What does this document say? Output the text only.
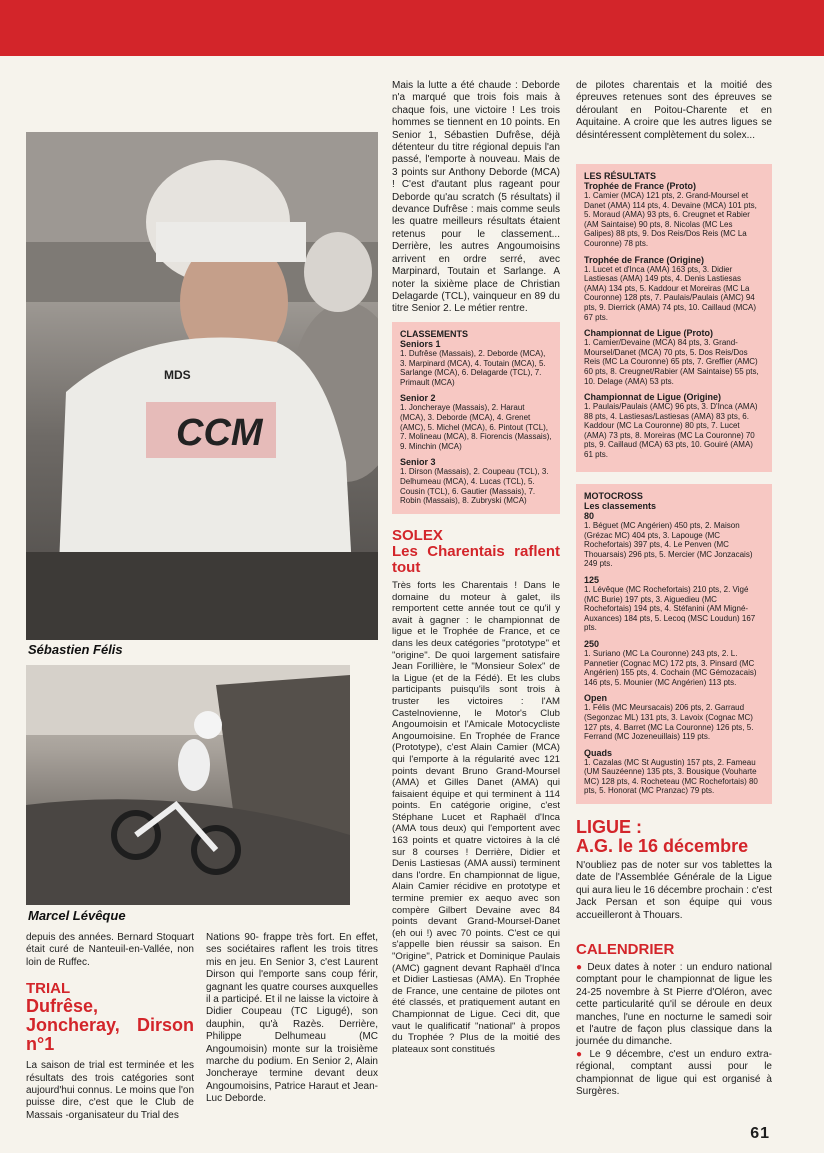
CCM
MDS
Sébastien Félis
Marcel Lévêque

depuis des années. Bernard Stoquart était curé de Nanteuil-en-Vallée, non loin de Ruffec.

TRIAL
Dufrêse, Joncheray, Dirson n°1

La saison de trial est terminée et les résultats des trois catégories sont aujourd'hui connus. Le moins que l'on puisse dire, c'est que le Club de Massais -organisateur du Trial des

Nations 90- frappe très fort. En effet, ses sociétaires raflent les trois titres mis en jeu. En Senior 3, c'est Laurent Dirson qui l'emporte sans coup férir, gagnant les quatre courses auxquelles il a participé. Et il ne laisse la victoire à Didier Coupeau (TC Ligugé), son dauphin, qu'à Razès. Derrière, Philippe Delhumeau (MC Angoumoisin) monte sur la troisième marche du podium. En Senior 2, Alain Joncheraye termine devant deux Angoumoisins, Patrice Haraut et Jean-Luc Deborde.

Mais la lutte a été chaude : Deborde n'a marqué que trois fois mais à chaque fois, une victoire ! Les trois hommes se tiennent en 10 points. En Senior 1, Sébastien Dufrêse, déjà détenteur du titre régional depuis l'an passé, l'emporte à nouveau. Mais de 3 points sur Anthony Deborde (MCA) ! C'est d'autant plus rageant pour Deborde qu'au scratch (5 résultats) il devance Dufrêse : mais comme seuls les quatre meilleurs résultats étaient retenus pour le classement... Derrière, les autres Angoumoisins arrivent en ordre serré, avec Marpinard, Toutain et Sarlange. A noter la sixième place de Christian Delagarde (TCL), vainqueur en 89 du titre Senior 2. Le métier rentre.

CLASSEMENTS
Seniors 1

1. Dufrêse (Massais), 2. Deborde (MCA), 3. Marpinard (MCA), 4. Toutain (MCA), 5. Sarlange (MCA), 6. Delagarde (TCL), 7. Primault (MCA)

Senior 2

1. Joncheraye (Massais), 2. Haraut (MCA), 3. Deborde (MCA), 4. Grenet (AMC), 5. Michel (MCA), 6. Pintout (TCL), 7. Molineau (MCA), 8. Fiorencis (Massais), 9. Minchin (MCA)

Senior 3

1. Dirson (Massais), 2. Coupeau (TCL), 3. Delhumeau (MCA), 4. Lucas (TCL), 5. Cousin (TCL), 6. Gautier (Massais), 7. Robin (Massais), 8. Zubryski (MCA)

SOLEX
Les Charentais raflent tout

Très forts les Charentais ! Dans le domaine du moteur à galet, ils remportent cette année tout ce qu'il y avait à gagner : le championnat de ligue et le Trophée de France, et ce dans les deux catégories "prototype" et "origine". De quoi largement satisfaire Jean Forillière, le "Monsieur Solex" de la Ligue (et de la Fédé). Et les clubs participants puisqu'ils sont trois à truster les victoires : l'AM Castelnovienne, le Motor's Club Angoumoisin et l'Amicale Motocycliste Angoumoisine. En Trophée de France (Prototype), c'est Alain Camier (MCA) qui l'emporte à la régularité avec 121 points devant Bruno Grand-Moursel (AMA) et Gilles Danet (AMA) qui faisaient équipe et qui terminent à 114 points. En catégorie origine, c'est Stéphane Lucet et Raphaël d'Inca (AMA tous deux) qui l'emportent avec 163 points et quatre victoires à la clé sur 8 courses ! Derrière, Didier et Denis Lastiesas (AMA aussi) terminent dans l'ordre. En championnat de ligue, Alain Camier récidive en prototype et termine premier ex aequo avec son compère Gilbert Devaine avec 84 points devant Grand-Moursel-Danet (eh oui !) avec 70 points. C'est ce qui s'appelle bien réussir sa saison. En "Origine", Patrick et Dominique Paulais (AMC) gagnent devant Raphaël d'Inca et Didier Lastiesas (AMA). En Trophée de France, une centaine de pilotes ont été classés, et pratiquement autant en Championnat de Ligue. Ceci dit, que vaut le qualificatif "national" à propos du Trophée ? Plus de la moitié des plateaux sont constitués

de pilotes charentais et la moitié des épreuves retenues sont des épreuves se déroulant en Poitou-Charente et en Aquitaine. A croire que les autres ligues se désintéressent complètement du solex...

LES RÉSULTATS
Trophée de France (Proto)

1. Camier (MCA) 121 pts, 2. Grand-Moursel et Danet (AMA) 114 pts, 4. Devaine (MCA) 101 pts, 5. Moraud (AMA) 93 pts, 6. Creugnet et Rabier (AM Saintaise) 90 pts, 8. Nicolas (MC Les Galipes) 88 pts, 9. Dos Reis/Dos Reis (MC La Couronne) 78 pts.

Trophée de France (Origine)

1. Lucet et d'Inca (AMA) 163 pts, 3. Didier Lastiesas (AMA) 149 pts, 4. Denis Lastiesas (AMA) 134 pts, 5. Kaddour et Moreiras (MC La Couronne) 128 pts, 7. Paulais/Paulais (AMC) 94 pts, 9. Dierrick (AMA) 74 pts, 10. Caillaud (MCA) 67 pts.

Championnat de Ligue (Proto)

1. Camier/Devaine (MCA) 84 pts, 3. Grand-Moursel/Danet (MCA) 70 pts, 5. Dos Reis/Dos Reis (MC La Couronne) 65 pts, 7. Greffier (AMC) 60 pts, 8. Creugnet/Rabier (AM Saintaise) 55 pts, 10. Delage (AMA) 53 pts.

Championnat de Ligue (Origine)

1. Paulais/Paulais (AMC) 96 pts, 3. D'Inca (AMA) 88 pts, 4. Lastiesas/Lastiesas (AMA) 83 pts, 6. Kaddour (MC La Couronne) 80 pts, 7. Lucet (AMA) 73 pts, 8. Moreiras (MC La Couronne) 70 pts, 9. Caillaud (MCA) 63 pts, 10. Gouiré (AMA) 61 pts.

MOTOCROSS
Les classements
80

1. Béguet (MC Angérien) 450 pts, 2. Maison (Grézac MC) 404 pts, 3. Lapouge (MC Rochefortais) 397 pts, 4. Le Penven (MC Thouarsais) 296 pts, 5. Mercier (MC Jonzacais) 249 pts.

125

1. Lévêque (MC Rochefortais) 210 pts, 2. Vigé (MC Burie) 197 pts, 3. Aiguedieu (MC Rochefortais) 194 pts, 4. Stéfanini (AM Migné-Auxances) 184 pts, 5. Lecoq (MSC Loudun) 167 pts.

250

1. Suriano (MC La Couronne) 243 pts, 2. L. Pannetier (Cognac MC) 172 pts, 3. Pinsard (MC Angérien) 155 pts, 4. Cochain (MC Gémozacais) 146 pts, 5. Mounier (MC Angérien) 113 pts.

Open

1. Félis (MC Meursacais) 206 pts, 2. Garraud (Segonzac ML) 131 pts, 3. Lavoix (Cognac MC) 127 pts, 4. Barret (MC La Couronne) 126 pts, 5. Ferrand (MC Jozeneuillais) 119 pts.

Quads

1. Cazalas (MC St Augustin) 157 pts, 2. Fameau (UM Sauzéenne) 135 pts, 3. Bousique (Vouharte MC) 128 pts, 4. Rocheteau (MC Rochefortais) 80 pts, 5. Honorat (MC Pranzac) 79 pts.

LIGUE :
A.G. le 16 décembre

N'oubliez pas de noter sur vos tablettes la date de l'Assemblée Générale de la Ligue qui aura lieu le 16 décembre prochain : c'est Jack Persan et son équipe qui vous accueilleront à Thouars.

CALENDRIER

● Deux dates à noter : un enduro national comptant pour le championnat de ligue les 24-25 novembre à St Pierre d'Oléron, avec cette particularité qu'il se déroule en deux manches, l'une en nocturne le samedi soir et l'autre de façon plus classique dans la journée du dimanche.

● Le 9 décembre, c'est un enduro extra-régional, comptant aussi pour le championnat de ligue qui est organisé à Surgères.

61
